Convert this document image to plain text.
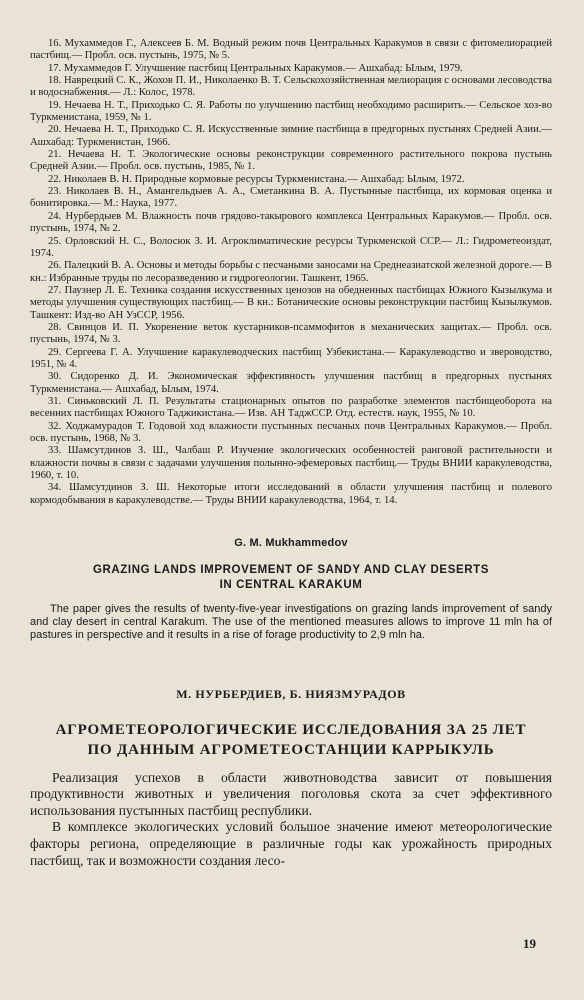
16. Мухаммедов Г., Алексеев Б. М. Водный режим почв Центральных Каракумов в связи с фитомелиорацией пастбищ.— Пробл. осв. пустынь, 1975, № 5.

17. Мухаммедов Г. Улучшение пастбищ Центральных Каракумов.— Ашхабад: Ылым, 1979.

18. Наврецкий С. К., Жохов П. И., Николаенко В. Т. Сельскохозяйственная мелиорация с основами лесоводства и водоснабжения.— Л.: Колос, 1978.

19. Нечаева Н. Т., Приходько С. Я. Работы по улучшению пастбищ необходимо расширить.— Сельское хоз-во Туркменистана, 1959, № 1.

20. Нечаева Н. Т., Приходько С. Я. Искусственные зимние пастбища в предгорных пустынях Средней Азии.— Ашхабад: Туркменистан, 1966.

21. Нечаева Н. Т. Экологические основы реконструкции современного растительного покрова пустынь Средней Азии.— Пробл. осв. пустынь, 1985, № 1.

22. Николаев В. Н. Природные кормовые ресурсы Туркменистана.— Ашхабад: Ылым, 1972.

23. Николаев В. Н., Амангельдыев А. А., Сметанкина В. А. Пустынные пастбища, их кормовая оценка и бонитировка.— М.: Наука, 1977.

24. Нурбердыев М. Влажность почв грядово-такырового комплекса Центральных Каракумов.— Пробл. осв. пустынь, 1974, № 2.

25. Орловский Н. С., Волосюк З. И. Агроклиматические ресурсы Туркменской ССР.— Л.: Гидрометеоиздат, 1974.

26. Палецкий В. А. Основы и методы борьбы с песчаными заносами на Среднеазиатской железной дороге.— В кн.: Избранные труды по лесоразведению и гидрогеологии. Ташкент, 1965.

27. Паузнер Л. Е. Техника создания искусственных ценозов на обедненных пастбищах Южного Кызылкума и методы улучшения существующих пастбищ.— В кн.: Ботанические основы реконструкции пастбищ Кызылкумов. Ташкент: Изд-во АН УзССР, 1956.

28. Свинцов И. П. Укоренение веток кустарников-псаммофитов в механических защитах.— Пробл. осв. пустынь, 1974, № 3.

29. Сергеева Г. А. Улучшение каракулеводческих пастбищ Узбекистана.— Каракулеводство и звероводство, 1951, № 4.

30. Сидоренко Д. И. Экономическая эффективность улучшения пастбищ в предгорных пустынях Туркменистана.— Ашхабад, Ылым, 1974.

31. Синьковский Л. П. Результаты стационарных опытов по разработке элементов пастбищеоборота на весенних пастбищах Южного Таджикистана.— Изв. АН ТаджССР. Отд. естеств. наук, 1955, № 10.

32. Ходжамурадов Т. Годовой ход влажности пустынных песчаных почв Центральных Каракумов.— Пробл. осв. пустынь, 1968, № 3.

33. Шамсутдинов З. Ш., Чалбаш Р. Изучение экологических особенностей ранговой растительности и влажности почвы в связи с задачами улучшения полынно-эфемеровых пастбищ.— Труды ВНИИ каракулеводства, 1960, т. 10.

34. Шамсутдинов З. Ш. Некоторые итоги исследований в области улучшения пастбищ и полевого кормодобывания в каракулеводстве.— Труды ВНИИ каракулеводства, 1964, т. 14.

G. M. Mukhammedov
GRAZING LANDS IMPROVEMENT OF SANDY AND CLAY DESERTS
IN CENTRAL KARAKUM
The paper gives the results of twenty-five-year investigations on grazing lands improvement of sandy and clay desert in central Karakum. The use of the mentioned measures allows to improve 11 mln ha of pastures in perspective and it results in a rise of forage productivity to 2,9 mln ha.
М. НУРБЕРДИЕВ, Б. НИЯЗМУРАДОВ
АГРОМЕТЕОРОЛОГИЧЕСКИЕ ИССЛЕДОВАНИЯ ЗА 25 ЛЕТ
ПО ДАННЫМ АГРОМЕТЕОСТАНЦИИ КАРРЫКУЛЬ

Реализация успехов в области животноводства зависит от повышения продуктивности животных и увеличения поголовья скота за счет эффективного использования пустынных пастбищ республики.

В комплексе экологических условий большое значение имеют метеорологические факторы региона, определяющие в различные годы как урожайность природных пастбищ, так и возможности создания лесо-

19
